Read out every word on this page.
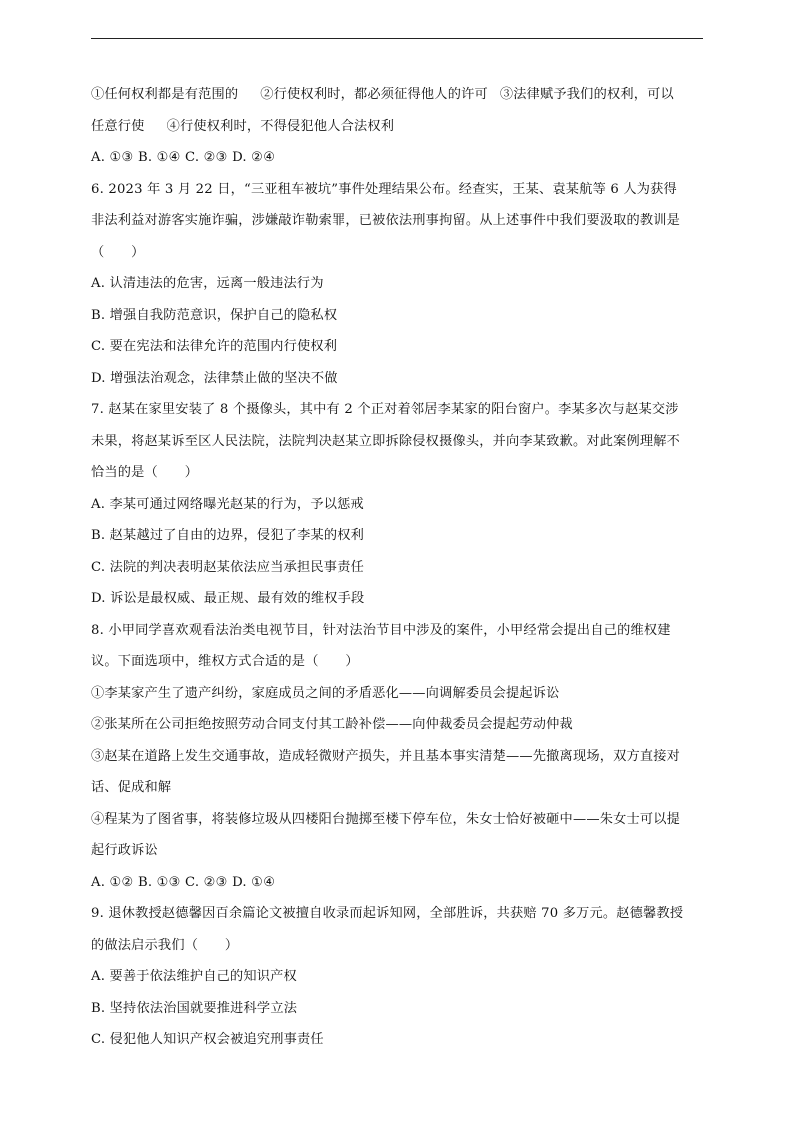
①任何权利都是有范围的 ②行使权利时，都必须征得他人的许可 ③法律赋予我们的权利，可以
任意行使 ④行使权利时，不得侵犯他人合法权利
A. ①③ B. ①④ C. ②③ D. ②④
6. 2023 年 3 月 22 日，“三亚租车被坑”事件处理结果公布。经查实，王某、袁某航等 6 人为获得
非法利益对游客实施诈骗，涉嫌敲诈勒索罪，已被依法刑事拘留。从上述事件中我们要汲取的教训是
（　　）
A. 认清违法的危害，远离一般违法行为
B. 增强自我防范意识，保护自己的隐私权
C. 要在宪法和法律允许的范围内行使权利
D. 增强法治观念，法律禁止做的坚决不做
7. 赵某在家里安装了 8 个摄像头，其中有 2 个正对着邻居李某家的阳台窗户。李某多次与赵某交涉
未果，将赵某诉至区人民法院，法院判决赵某立即拆除侵权摄像头，并向李某致歉。对此案例理解不
恰当的是（　　）
A. 李某可通过网络曝光赵某的行为，予以惩戒
B. 赵某越过了自由的边界，侵犯了李某的权利
C. 法院的判决表明赵某依法应当承担民事责任
D. 诉讼是最权威、最正规、最有效的维权手段
8. 小甲同学喜欢观看法治类电视节目，针对法治节目中涉及的案件，小甲经常会提出自己的维权建
议。下面选项中，维权方式合适的是（　　）
①李某家产生了遗产纠纷，家庭成员之间的矛盾恶化——向调解委员会提起诉讼
②张某所在公司拒绝按照劳动合同支付其工龄补偿——向仲裁委员会提起劳动仲裁
③赵某在道路上发生交通事故，造成轻微财产损失，并且基本事实清楚——先撤离现场，双方直接对
话、促成和解
④程某为了图省事，将装修垃圾从四楼阳台抛掷至楼下停车位，朱女士恰好被砸中——朱女士可以提
起行政诉讼
A. ①② B. ①③ C. ②③ D. ①④
9. 退休教授赵德馨因百余篇论文被擅自收录而起诉知网，全部胜诉，共获赔 70 多万元。赵德馨教授
的做法启示我们（　　）
A. 要善于依法维护自己的知识产权
B. 坚持依法治国就要推进科学立法
C. 侵犯他人知识产权会被追究刑事责任
